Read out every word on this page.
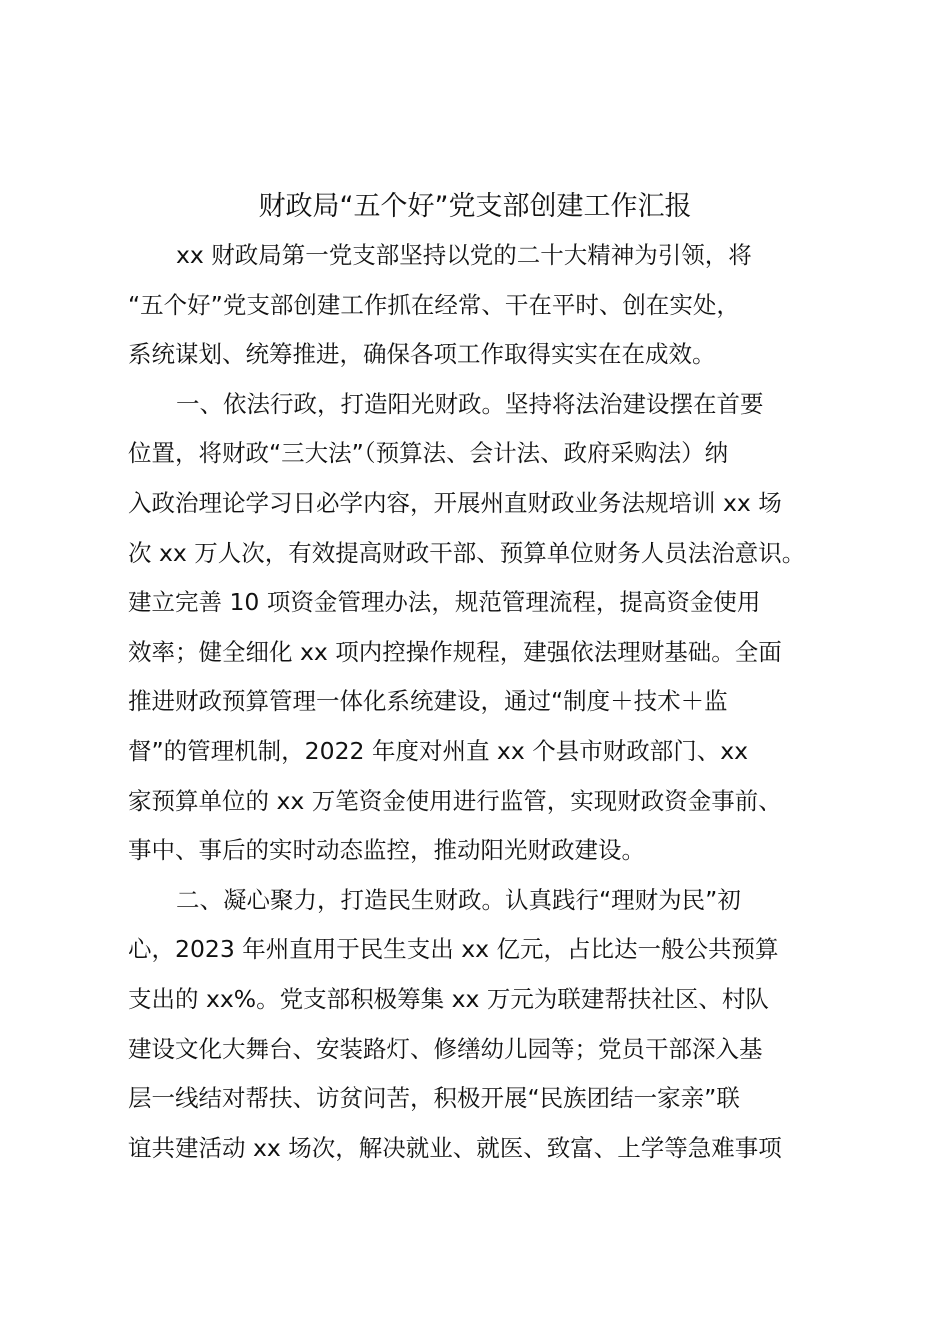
财政局“五个好”党支部创建工作汇报
xx 财政局第一党支部坚持以党的二十大精神为引领，将
“五个好”党支部创建工作抓在经常、干在平时、创在实处，
系统谋划、统筹推进，确保各项工作取得实实在在成效。
一、依法行政，打造阳光财政。坚持将法治建设摆在首要
位置，将财政“三大法”（预算法、会计法、政府采购法）纳
入政治理论学习日必学内容，开展州直财政业务法规培训 xx 场
次 xx 万人次，有效提高财政干部、预算单位财务人员法治意识。
建立完善 10 项资金管理办法，规范管理流程，提高资金使用
效率；健全细化 xx 项内控操作规程，建强依法理财基础。全面
推进财政预算管理一体化系统建设，通过“制度＋技术＋监
督”的管理机制，2022 年度对州直 xx 个县市财政部门、xx
家预算单位的 xx 万笔资金使用进行监管，实现财政资金事前、
事中、事后的实时动态监控，推动阳光财政建设。
二、凝心聚力，打造民生财政。认真践行“理财为民”初
心，2023 年州直用于民生支出 xx 亿元，占比达一般公共预算
支出的 xx%。党支部积极筹集 xx 万元为联建帮扶社区、村队
建设文化大舞台、安装路灯、修缮幼儿园等；党员干部深入基
层一线结对帮扶、访贫问苦，积极开展“民族团结一家亲”联
谊共建活动 xx 场次，解决就业、就医、致富、上学等急难事项
